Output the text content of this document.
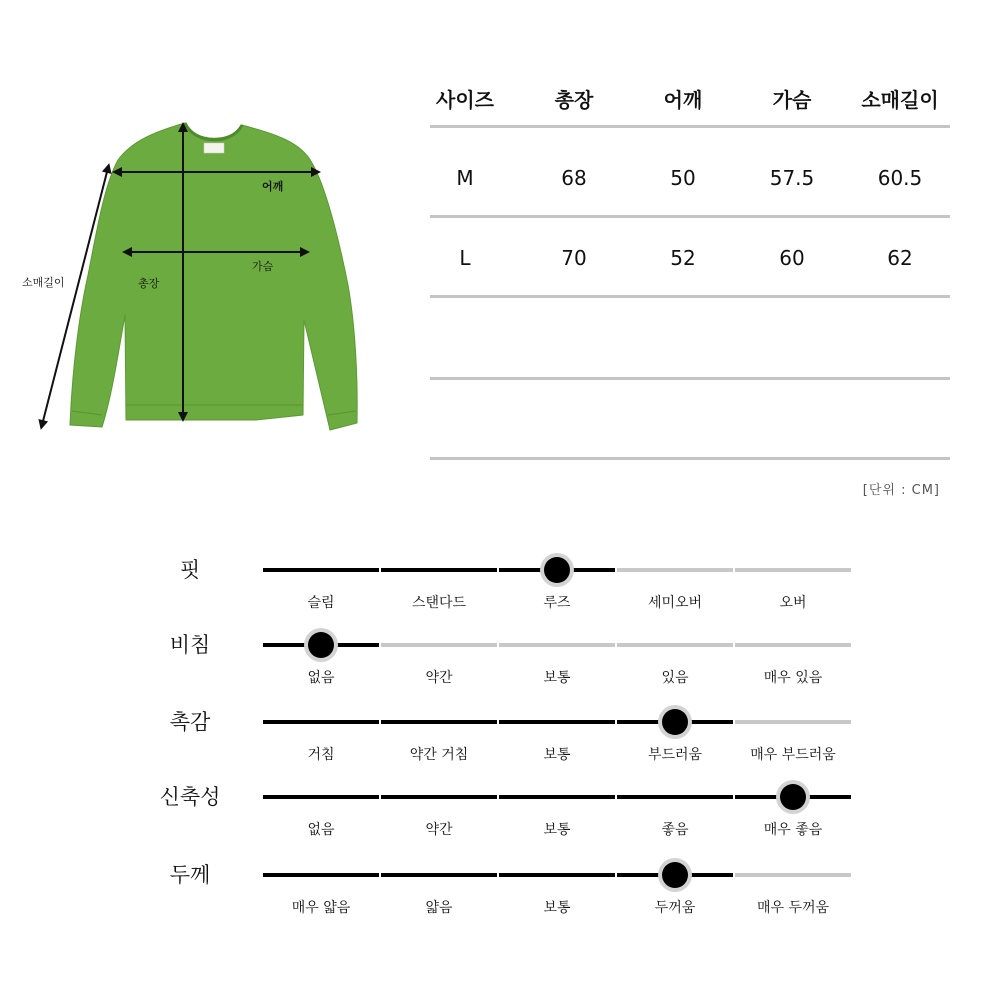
어깨
가슴
총장
소매길이
사이즈	총장	어깨	가슴	소매길이
M	68	50	57.5	60.5
L	70	52	60	62
[단위 : CM]
핏
슬림	스탠다드	루즈	세미오버	오버
비침
없음	약간	보통	있음	매우 있음
촉감
거침	약간 거침	보통	부드러움	매우 부드러움
신축성
없음	약간	보통	좋음	매우 좋음
두께
매우 얇음	얇음	보통	두꺼움	매우 두꺼움
